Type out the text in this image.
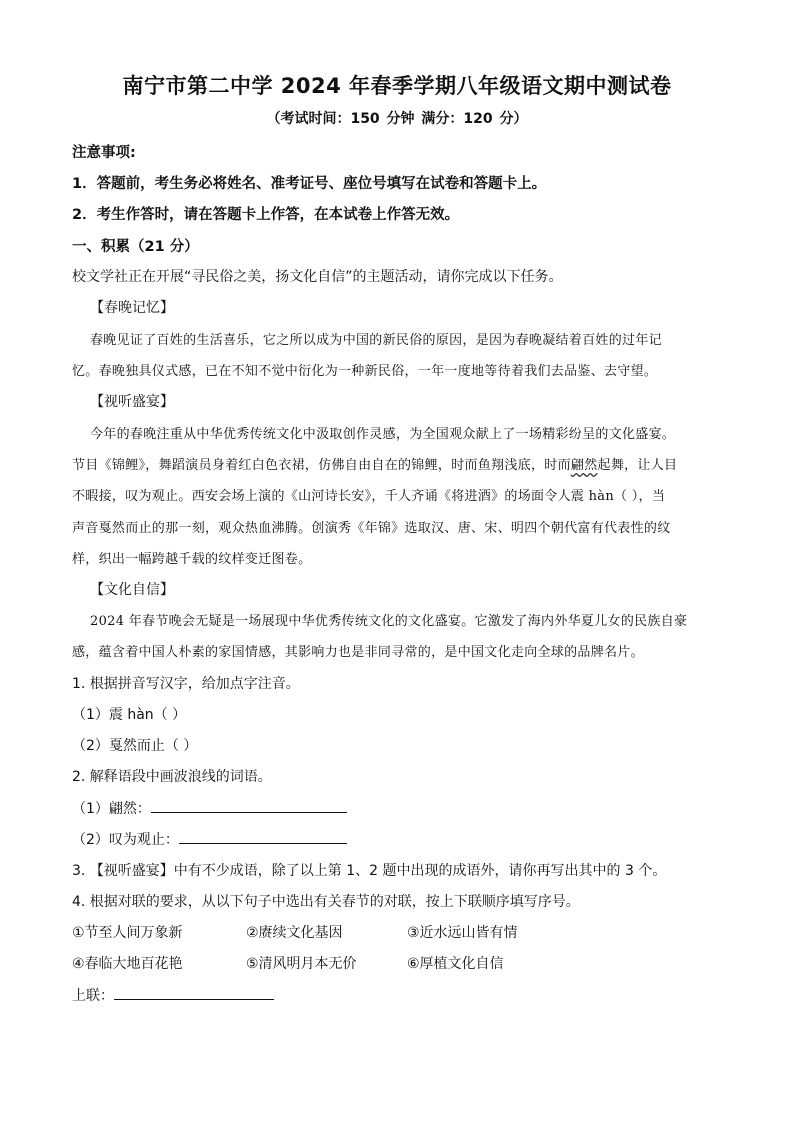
南宁市第二中学 2024 年春季学期八年级语文期中测试卷
（考试时间：150 分钟 满分：120 分）
注意事项:
1．答题前，考生务必将姓名、准考证号、座位号填写在试卷和答题卡上。
2．考生作答时，请在答题卡上作答，在本试卷上作答无效。
一、积累（21 分）
校文学社正在开展“寻民俗之美，扬文化自信”的主题活动，请你完成以下任务。
【春晚记忆】
春晚见证了百姓的生活喜乐，它之所以成为中国的新民俗的原因，是因为春晚凝结着百姓的过年记
忆。春晚独具仪式感，已在不知不觉中衍化为一种新民俗，一年一度地等待着我们去品鉴、去守望。
【视听盛宴】
今年的春晚注重从中华优秀传统文化中汲取创作灵感，为全国观众献上了一场精彩纷呈的文化盛宴。
节目《锦鲤》，舞蹈演员身着红白色衣裙，仿佛自由自在的锦鲤，时而鱼翔浅底，时而翩然起舞，让人目
不暇接，叹为观止。西安会场上演的《山河诗长安》，千人齐诵《将进酒》的场面令人震 hàn（ ），当
声音戛然而止的那一刻，观众热血沸腾。创演秀《年锦》选取汉、唐、宋、明四个朝代富有代表性的纹
样，织出一幅跨越千载的纹样变迁图卷。
【文化自信】
2024 年春节晚会无疑是一场展现中华优秀传统文化的文化盛宴。它激发了海内外华夏儿女的民族自豪
感，蕴含着中国人朴素的家国情感，其影响力也是非同寻常的，是中国文化走向全球的品牌名片。
1. 根据拼音写汉字，给加点字注音。
（1）震 hàn（ ）
（2）戛然而止（ ）
2. 解释语段中画波浪线的词语。
（1）翩然：
（2）叹为观止：
3. 【视听盛宴】中有不少成语，除了以上第 1、2 题中出现的成语外，请你再写出其中的 3 个。
4. 根据对联的要求，从以下句子中选出有关春节的对联，按上下联顺序填写序号。
①节至人间万象新	②赓续文化基因	③近水远山皆有情
④春临大地百花艳	⑤清风明月本无价	⑥厚植文化自信
上联：
